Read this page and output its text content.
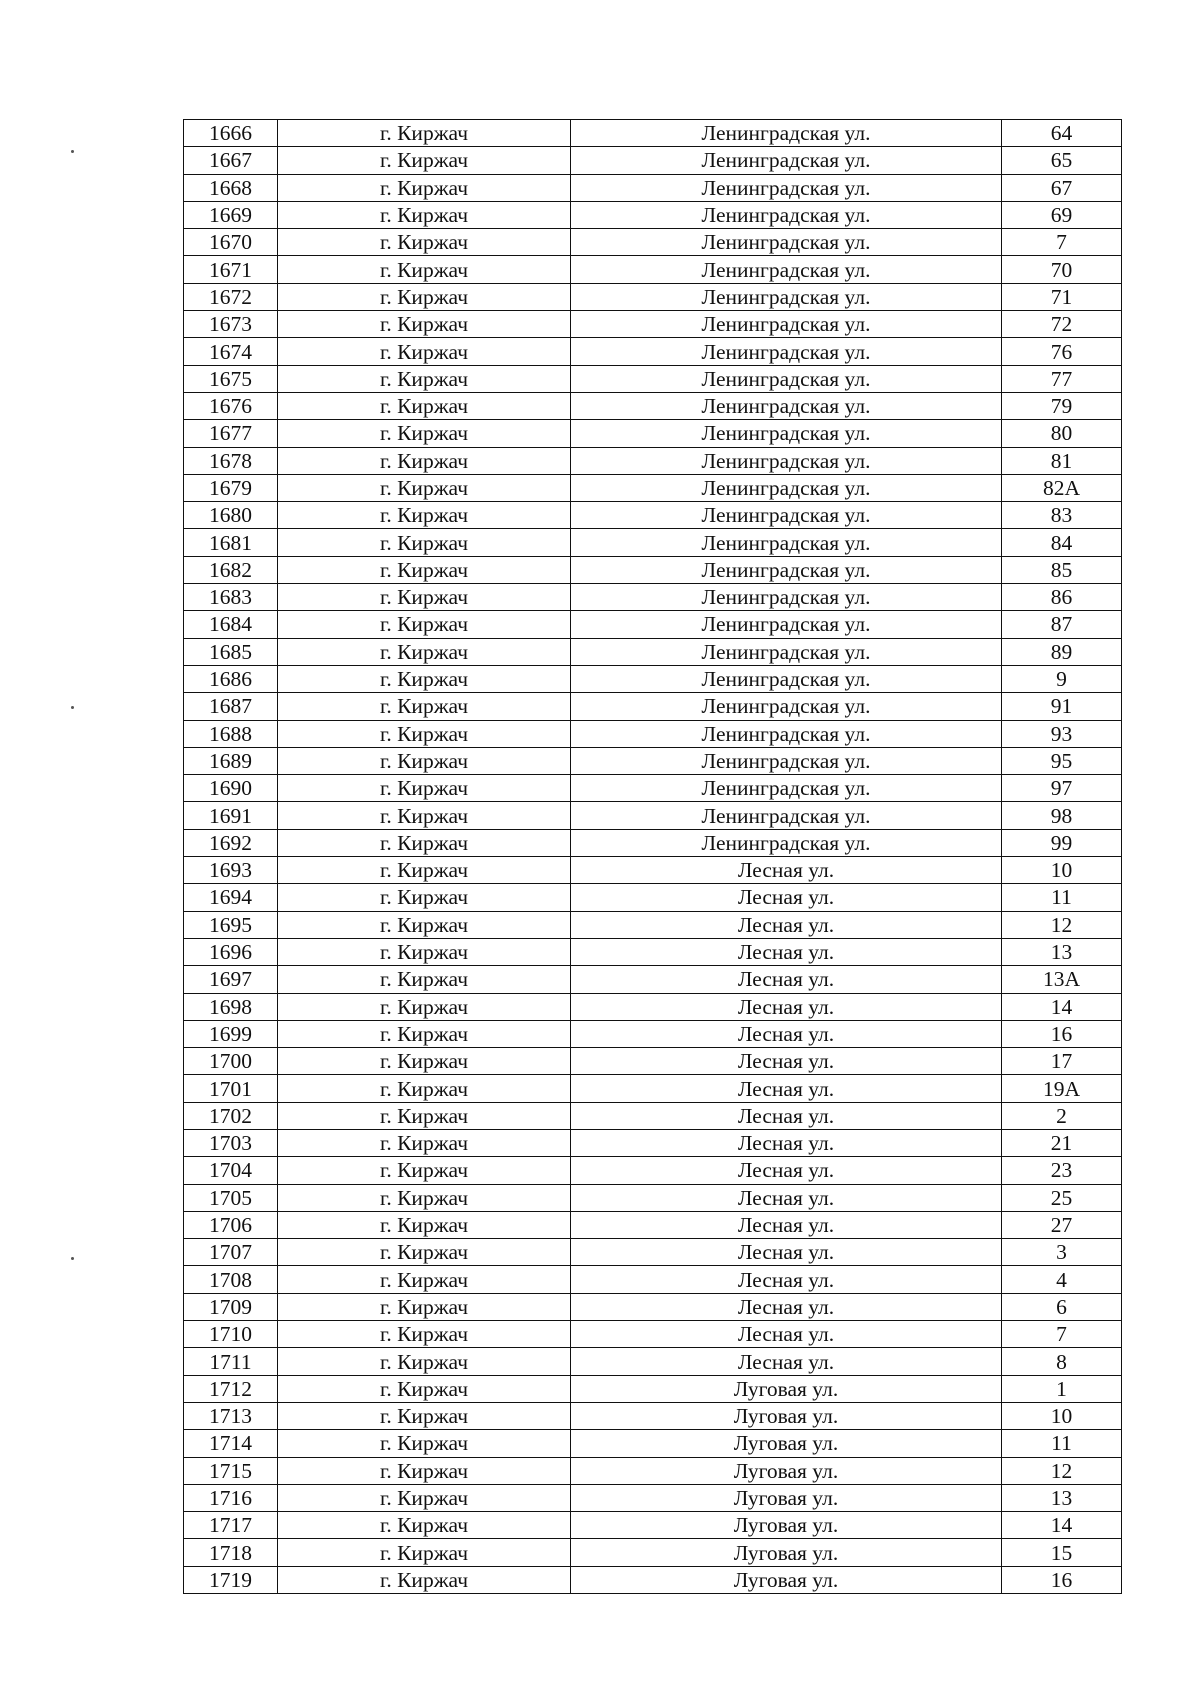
1666	г. Киржач	Ленинградская ул.	64
1667	г. Киржач	Ленинградская ул.	65
1668	г. Киржач	Ленинградская ул.	67
1669	г. Киржач	Ленинградская ул.	69
1670	г. Киржач	Ленинградская ул.	7
1671	г. Киржач	Ленинградская ул.	70
1672	г. Киржач	Ленинградская ул.	71
1673	г. Киржач	Ленинградская ул.	72
1674	г. Киржач	Ленинградская ул.	76
1675	г. Киржач	Ленинградская ул.	77
1676	г. Киржач	Ленинградская ул.	79
1677	г. Киржач	Ленинградская ул.	80
1678	г. Киржач	Ленинградская ул.	81
1679	г. Киржач	Ленинградская ул.	82А
1680	г. Киржач	Ленинградская ул.	83
1681	г. Киржач	Ленинградская ул.	84
1682	г. Киржач	Ленинградская ул.	85
1683	г. Киржач	Ленинградская ул.	86
1684	г. Киржач	Ленинградская ул.	87
1685	г. Киржач	Ленинградская ул.	89
1686	г. Киржач	Ленинградская ул.	9
1687	г. Киржач	Ленинградская ул.	91
1688	г. Киржач	Ленинградская ул.	93
1689	г. Киржач	Ленинградская ул.	95
1690	г. Киржач	Ленинградская ул.	97
1691	г. Киржач	Ленинградская ул.	98
1692	г. Киржач	Ленинградская ул.	99
1693	г. Киржач	Лесная ул.	10
1694	г. Киржач	Лесная ул.	11
1695	г. Киржач	Лесная ул.	12
1696	г. Киржач	Лесная ул.	13
1697	г. Киржач	Лесная ул.	13А
1698	г. Киржач	Лесная ул.	14
1699	г. Киржач	Лесная ул.	16
1700	г. Киржач	Лесная ул.	17
1701	г. Киржач	Лесная ул.	19А
1702	г. Киржач	Лесная ул.	2
1703	г. Киржач	Лесная ул.	21
1704	г. Киржач	Лесная ул.	23
1705	г. Киржач	Лесная ул.	25
1706	г. Киржач	Лесная ул.	27
1707	г. Киржач	Лесная ул.	3
1708	г. Киржач	Лесная ул.	4
1709	г. Киржач	Лесная ул.	6
1710	г. Киржач	Лесная ул.	7
1711	г. Киржач	Лесная ул.	8
1712	г. Киржач	Луговая ул.	1
1713	г. Киржач	Луговая ул.	10
1714	г. Киржач	Луговая ул.	11
1715	г. Киржач	Луговая ул.	12
1716	г. Киржач	Луговая ул.	13
1717	г. Киржач	Луговая ул.	14
1718	г. Киржач	Луговая ул.	15
1719	г. Киржач	Луговая ул.	16
